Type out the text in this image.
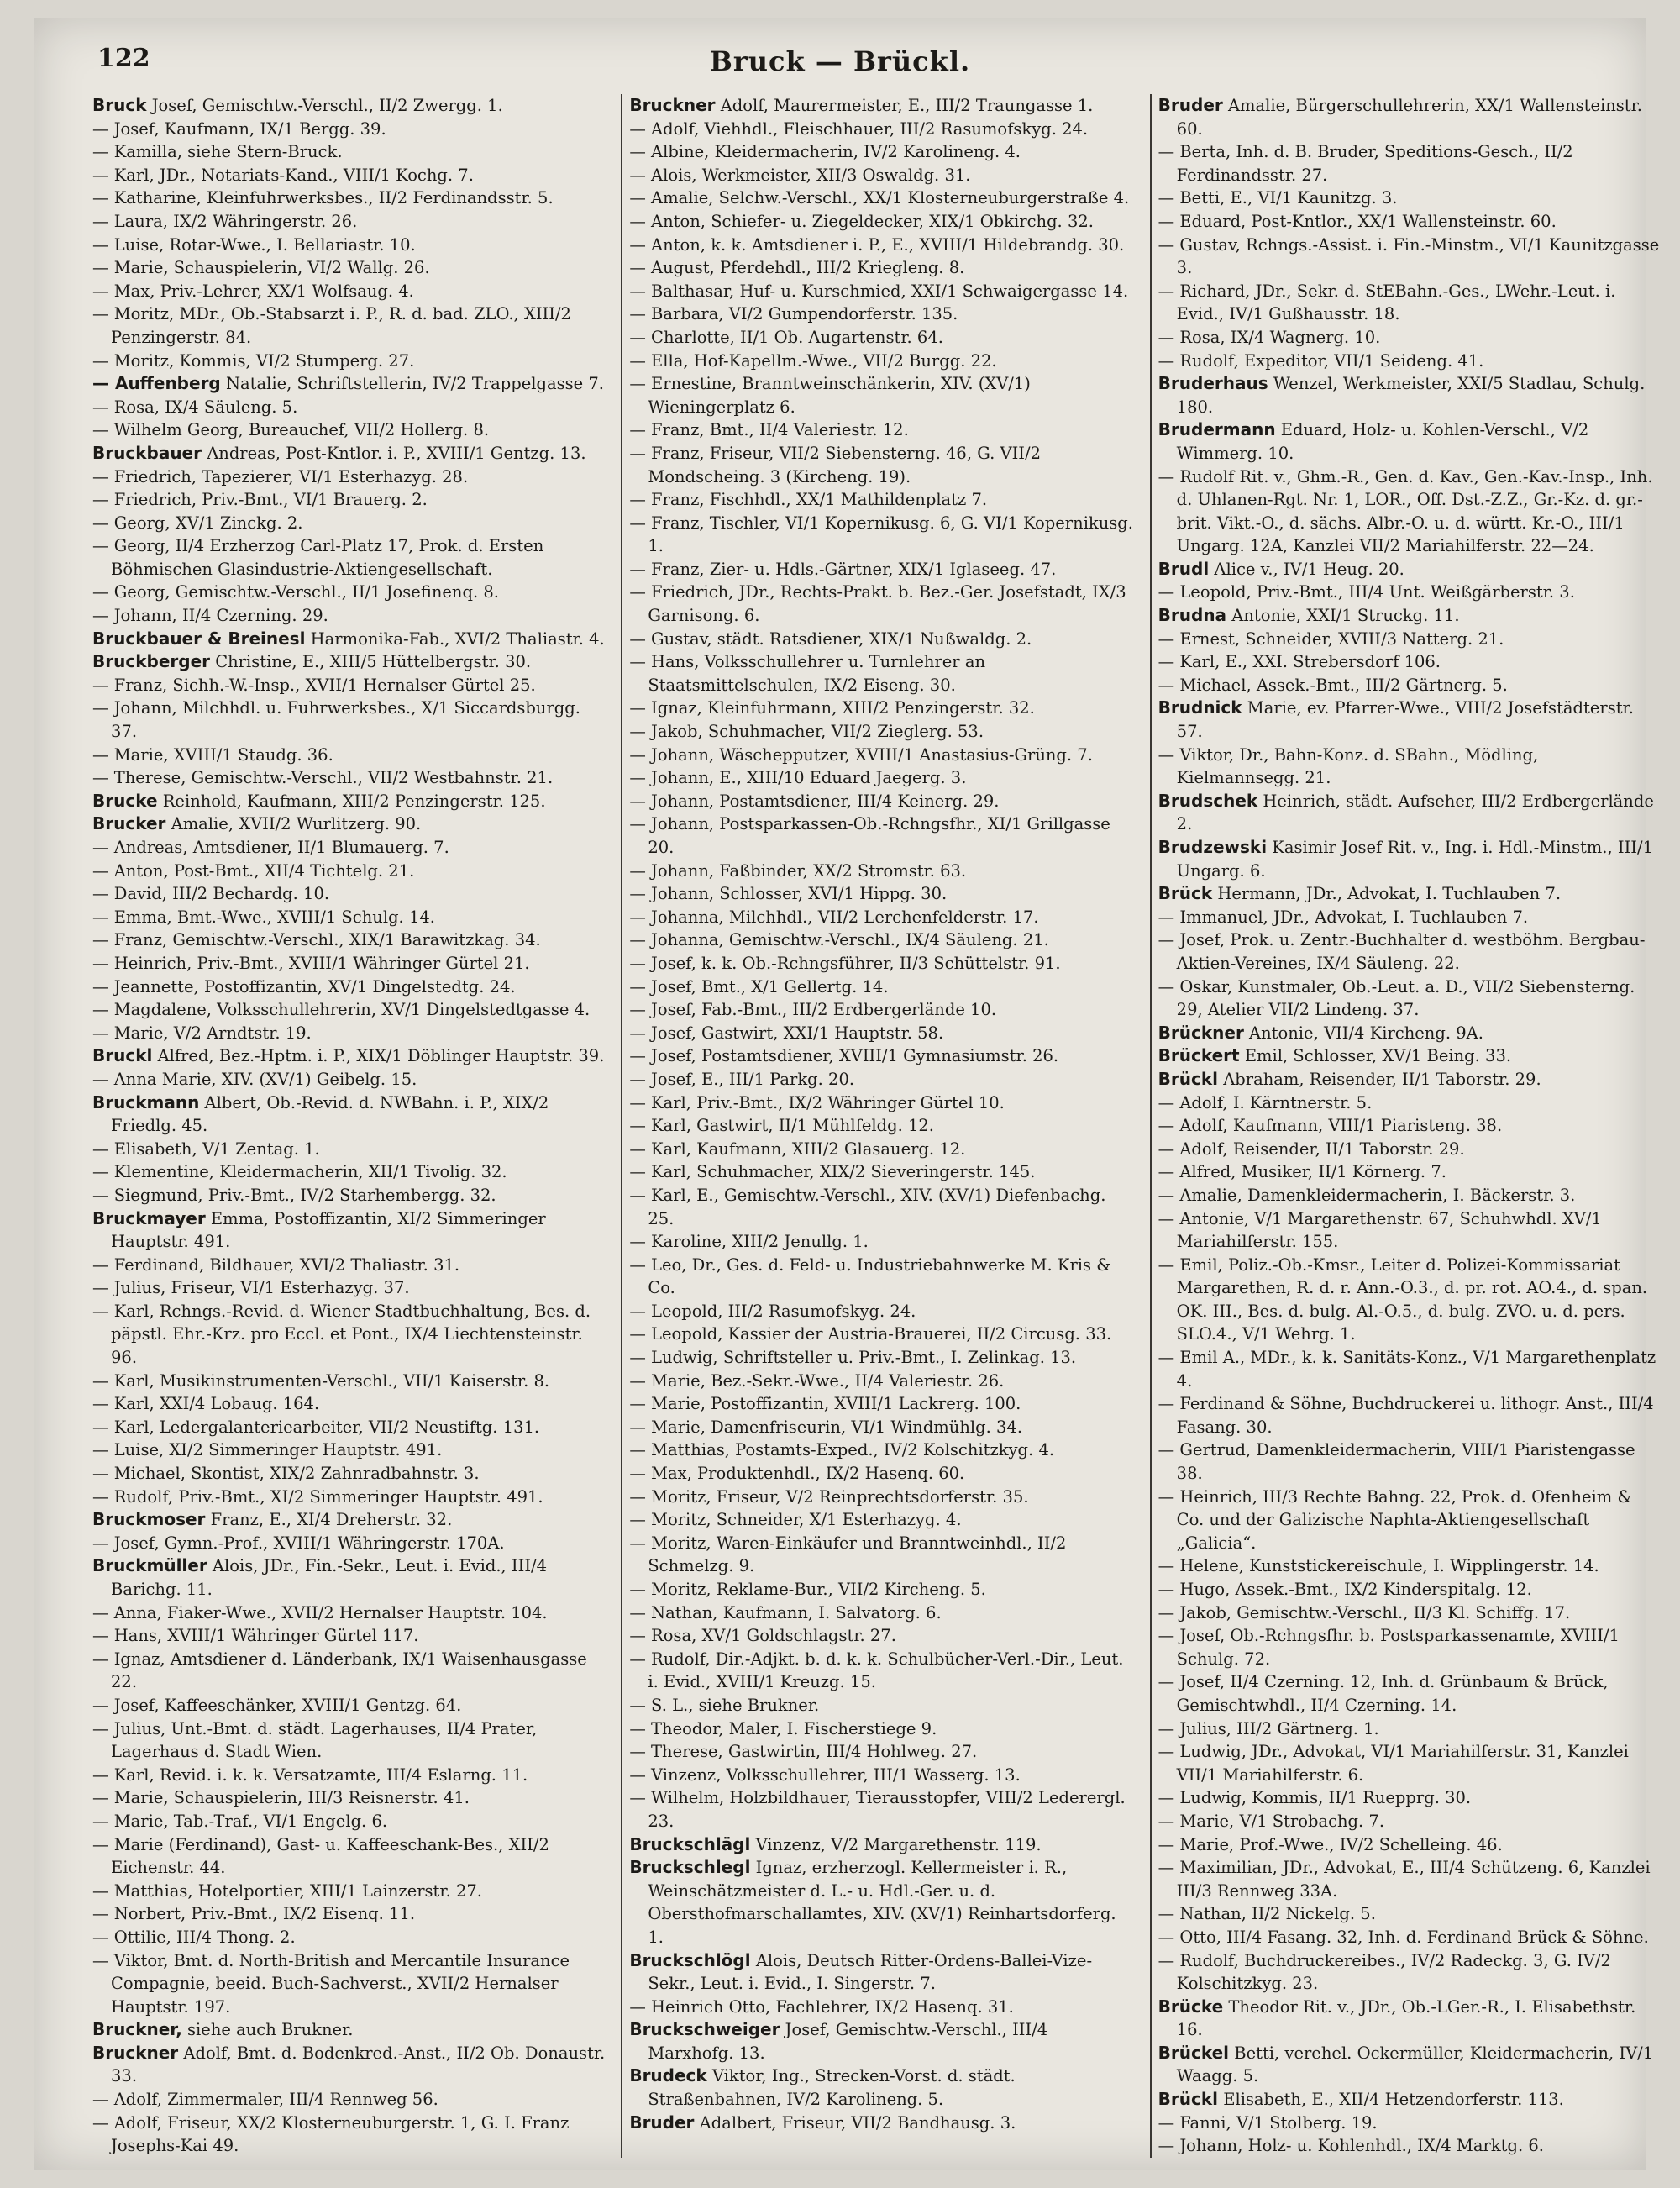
122	Bruck — Brückl.
Bruck Josef, Gemischtw.-Verschl., II/2 Zwergg. 1.
— Josef, Kaufmann, IX/1 Bergg. 39.
— Kamilla, siehe Stern-Bruck.
— Karl, JDr., Notariats-Kand., VIII/1 Kochg. 7.
— Katharine, Kleinfuhrwerksbes., II/2 Ferdinandsstr. 5.
— Laura, IX/2 Währingerstr. 26.
— Luise, Rotar-Wwe., I. Bellariastr. 10.
— Marie, Schauspielerin, VI/2 Wallg. 26.
— Max, Priv.-Lehrer, XX/1 Wolfsaug. 4.
— Moritz, MDr., Ob.-Stabsarzt i. P., R. d. bad. ZLO., XIII/2 Penzingerstr. 84.
— Moritz, Kommis, VI/2 Stumperg. 27.
— Auffenberg Natalie, Schriftstellerin, IV/2 Trappelgasse 7.
— Rosa, IX/4 Säuleng. 5.
— Wilhelm Georg, Bureauchef, VII/2 Hollerg. 8.
Bruckbauer Andreas, Post-Kntlor. i. P., XVIII/1 Gentzg. 13.
— Friedrich, Tapezierer, VI/1 Esterhazyg. 28.
— Friedrich, Priv.-Bmt., VI/1 Brauerg. 2.
— Georg, XV/1 Zinckg. 2.
— Georg, II/4 Erzherzog Carl-Platz 17, Prok. d. Ersten Böhmischen Glasindustrie-Aktiengesellschaft.
— Georg, Gemischtw.-Verschl., II/1 Josefinenq. 8.
— Johann, II/4 Czerning. 29.
Bruckbauer & Breinesl Harmonika-Fab., XVI/2 Thaliastr. 4.
Bruckberger Christine, E., XIII/5 Hüttelbergstr. 30.
— Franz, Sichh.-W.-Insp., XVII/1 Hernalser Gürtel 25.
— Johann, Milchhdl. u. Fuhrwerksbes., X/1 Siccardsburgg. 37.
— Marie, XVIII/1 Staudg. 36.
— Therese, Gemischtw.-Verschl., VII/2 Westbahnstr. 21.
Brucke Reinhold, Kaufmann, XIII/2 Penzingerstr. 125.
Brucker Amalie, XVII/2 Wurlitzerg. 90.
— Andreas, Amtsdiener, II/1 Blumauerg. 7.
— Anton, Post-Bmt., XII/4 Tichtelg. 21.
— David, III/2 Bechardg. 10.
— Emma, Bmt.-Wwe., XVIII/1 Schulg. 14.
— Franz, Gemischtw.-Verschl., XIX/1 Barawitzkag. 34.
— Heinrich, Priv.-Bmt., XVIII/1 Währinger Gürtel 21.
— Jeannette, Postoffizantin, XV/1 Dingelstedtg. 24.
— Magdalene, Volksschullehrerin, XV/1 Dingelstedtgasse 4.
— Marie, V/2 Arndtstr. 19.
Bruckl Alfred, Bez.-Hptm. i. P., XIX/1 Döblinger Hauptstr. 39.
— Anna Marie, XIV. (XV/1) Geibelg. 15.
Bruckmann Albert, Ob.-Revid. d. NWBahn. i. P., XIX/2 Friedlg. 45.
— Elisabeth, V/1 Zentag. 1.
— Klementine, Kleidermacherin, XII/1 Tivolig. 32.
— Siegmund, Priv.-Bmt., IV/2 Starhembergg. 32.
Bruckmayer Emma, Postoffizantin, XI/2 Simmeringer Hauptstr. 491.
— Ferdinand, Bildhauer, XVI/2 Thaliastr. 31.
— Julius, Friseur, VI/1 Esterhazyg. 37.
— Karl, Rchngs.-Revid. d. Wiener Stadtbuchhaltung, Bes. d. päpstl. Ehr.-Krz. pro Eccl. et Pont., IX/4 Liechtensteinstr. 96.
— Karl, Musikinstrumenten-Verschl., VII/1 Kaiserstr. 8.
— Karl, XXI/4 Lobaug. 164.
— Karl, Ledergalanteriearbeiter, VII/2 Neustiftg. 131.
— Luise, XI/2 Simmeringer Hauptstr. 491.
— Michael, Skontist, XIX/2 Zahnradbahnstr. 3.
— Rudolf, Priv.-Bmt., XI/2 Simmeringer Hauptstr. 491.
Bruckmoser Franz, E., XI/4 Dreherstr. 32.
— Josef, Gymn.-Prof., XVIII/1 Währingerstr. 170A.
Bruckmüller Alois, JDr., Fin.-Sekr., Leut. i. Evid., III/4 Barichg. 11.
— Anna, Fiaker-Wwe., XVII/2 Hernalser Hauptstr. 104.
— Hans, XVIII/1 Währinger Gürtel 117.
— Ignaz, Amtsdiener d. Länderbank, IX/1 Waisenhausgasse 22.
— Josef, Kaffeeschänker, XVIII/1 Gentzg. 64.
— Julius, Unt.-Bmt. d. städt. Lagerhauses, II/4 Prater, Lagerhaus d. Stadt Wien.
— Karl, Revid. i. k. k. Versatzamte, III/4 Eslarng. 11.
— Marie, Schauspielerin, III/3 Reisnerstr. 41.
— Marie, Tab.-Traf., VI/1 Engelg. 6.
— Marie (Ferdinand), Gast- u. Kaffeeschank-Bes., XII/2 Eichenstr. 44.
— Matthias, Hotelportier, XIII/1 Lainzerstr. 27.
— Norbert, Priv.-Bmt., IX/2 Eisenq. 11.
— Ottilie, III/4 Thong. 2.
— Viktor, Bmt. d. North-British and Mercantile Insurance Compagnie, beeid. Buch-Sachverst., XVII/2 Hernalser Hauptstr. 197.
Bruckner, siehe auch Brukner.
Bruckner Adolf, Bmt. d. Bodenkred.-Anst., II/2 Ob. Donaustr. 33.
— Adolf, Zimmermaler, III/4 Rennweg 56.
— Adolf, Friseur, XX/2 Klosterneuburgerstr. 1, G. I. Franz Josephs-Kai 49.
Bruckner Adolf, Maurermeister, E., III/2 Traungasse 1.
— Adolf, Viehhdl., Fleischhauer, III/2 Rasumofskyg. 24.
— Albine, Kleidermacherin, IV/2 Karolineng. 4.
— Alois, Werkmeister, XII/3 Oswaldg. 31.
— Amalie, Selchw.-Verschl., XX/1 Klosterneuburgerstraße 4.
— Anton, Schiefer- u. Ziegeldecker, XIX/1 Obkirchg. 32.
— Anton, k. k. Amtsdiener i. P., E., XVIII/1 Hildebrandg. 30.
— August, Pferdehdl., III/2 Kriegleng. 8.
— Balthasar, Huf- u. Kurschmied, XXI/1 Schwaigergasse 14.
— Barbara, VI/2 Gumpendorferstr. 135.
— Charlotte, II/1 Ob. Augartenstr. 64.
— Ella, Hof-Kapellm.-Wwe., VII/2 Burgg. 22.
— Ernestine, Branntweinschänkerin, XIV. (XV/1) Wieningerplatz 6.
— Franz, Bmt., II/4 Valeriestr. 12.
— Franz, Friseur, VII/2 Siebensterng. 46, G. VII/2 Mondscheing. 3 (Kircheng. 19).
— Franz, Fischhdl., XX/1 Mathildenplatz 7.
— Franz, Tischler, VI/1 Kopernikusg. 6, G. VI/1 Kopernikusg. 1.
— Franz, Zier- u. Hdls.-Gärtner, XIX/1 Iglaseeg. 47.
— Friedrich, JDr., Rechts-Prakt. b. Bez.-Ger. Josefstadt, IX/3 Garnisong. 6.
— Gustav, städt. Ratsdiener, XIX/1 Nußwaldg. 2.
— Hans, Volksschullehrer u. Turnlehrer an Staatsmittelschulen, IX/2 Eiseng. 30.
— Ignaz, Kleinfuhrmann, XIII/2 Penzingerstr. 32.
— Jakob, Schuhmacher, VII/2 Zieglerg. 53.
— Johann, Wäschepputzer, XVIII/1 Anastasius-Grüng. 7.
— Johann, E., XIII/10 Eduard Jaegerg. 3.
— Johann, Postamtsdiener, III/4 Keinerg. 29.
— Johann, Postsparkassen-Ob.-Rchngsfhr., XI/1 Grillgasse 20.
— Johann, Faßbinder, XX/2 Stromstr. 63.
— Johann, Schlosser, XVI/1 Hippg. 30.
— Johanna, Milchhdl., VII/2 Lerchenfelderstr. 17.
— Johanna, Gemischtw.-Verschl., IX/4 Säuleng. 21.
— Josef, k. k. Ob.-Rchngsführer, II/3 Schüttelstr. 91.
— Josef, Bmt., X/1 Gellertg. 14.
— Josef, Fab.-Bmt., III/2 Erdbergerlände 10.
— Josef, Gastwirt, XXI/1 Hauptstr. 58.
— Josef, Postamtsdiener, XVIII/1 Gymnasiumstr. 26.
— Josef, E., III/1 Parkg. 20.
— Karl, Priv.-Bmt., IX/2 Währinger Gürtel 10.
— Karl, Gastwirt, II/1 Mühlfeldg. 12.
— Karl, Kaufmann, XIII/2 Glasauerg. 12.
— Karl, Schuhmacher, XIX/2 Sieveringerstr. 145.
— Karl, E., Gemischtw.-Verschl., XIV. (XV/1) Diefenbachg. 25.
— Karoline, XIII/2 Jenullg. 1.
— Leo, Dr., Ges. d. Feld- u. Industriebahnwerke M. Kris & Co.
— Leopold, III/2 Rasumofskyg. 24.
— Leopold, Kassier der Austria-Brauerei, II/2 Circusg. 33.
— Ludwig, Schriftsteller u. Priv.-Bmt., I. Zelinkag. 13.
— Marie, Bez.-Sekr.-Wwe., II/4 Valeriestr. 26.
— Marie, Postoffizantin, XVIII/1 Lackrerg. 100.
— Marie, Damenfriseurin, VI/1 Windmühlg. 34.
— Matthias, Postamts-Exped., IV/2 Kolschitzkyg. 4.
— Max, Produktenhdl., IX/2 Hasenq. 60.
— Moritz, Friseur, V/2 Reinprechtsdorferstr. 35.
— Moritz, Schneider, X/1 Esterhazyg. 4.
— Moritz, Waren-Einkäufer und Branntweinhdl., II/2 Schmelzg. 9.
— Moritz, Reklame-Bur., VII/2 Kircheng. 5.
— Nathan, Kaufmann, I. Salvatorg. 6.
— Rosa, XV/1 Goldschlagstr. 27.
— Rudolf, Dir.-Adjkt. b. d. k. k. Schulbücher-Verl.-Dir., Leut. i. Evid., XVIII/1 Kreuzg. 15.
— S. L., siehe Brukner.
— Theodor, Maler, I. Fischerstiege 9.
— Therese, Gastwirtin, III/4 Hohlweg. 27.
— Vinzenz, Volksschullehrer, III/1 Wasserg. 13.
— Wilhelm, Holzbildhauer, Tierausstopfer, VIII/2 Lederergl. 23.
Bruckschlägl Vinzenz, V/2 Margarethenstr. 119.
Bruckschlegl Ignaz, erzherzogl. Kellermeister i. R., Weinschätzmeister d. L.- u. Hdl.-Ger. u. d. Obersthofmarschallamtes, XIV. (XV/1) Reinhartsdorferg. 1.
Bruckschlögl Alois, Deutsch Ritter-Ordens-Ballei-Vize-Sekr., Leut. i. Evid., I. Singerstr. 7.
— Heinrich Otto, Fachlehrer, IX/2 Hasenq. 31.
Bruckschweiger Josef, Gemischtw.-Verschl., III/4 Marxhofg. 13.
Brudeck Viktor, Ing., Strecken-Vorst. d. städt. Straßenbahnen, IV/2 Karolineng. 5.
Bruder Adalbert, Friseur, VII/2 Bandhausg. 3.
Bruder Amalie, Bürgerschullehrerin, XX/1 Wallensteinstr. 60.
— Berta, Inh. d. B. Bruder, Speditions-Gesch., II/2 Ferdinandsstr. 27.
— Betti, E., VI/1 Kaunitzg. 3.
— Eduard, Post-Kntlor., XX/1 Wallensteinstr. 60.
— Gustav, Rchngs.-Assist. i. Fin.-Minstm., VI/1 Kaunitzgasse 3.
— Richard, JDr., Sekr. d. StEBahn.-Ges., LWehr.-Leut. i. Evid., IV/1 Gußhausstr. 18.
— Rosa, IX/4 Wagnerg. 10.
— Rudolf, Expeditor, VII/1 Seideng. 41.
Bruderhaus Wenzel, Werkmeister, XXI/5 Stadlau, Schulg. 180.
Brudermann Eduard, Holz- u. Kohlen-Verschl., V/2 Wimmerg. 10.
— Rudolf Rit. v., Ghm.-R., Gen. d. Kav., Gen.-Kav.-Insp., Inh. d. Uhlanen-Rgt. Nr. 1, LOR., Off. Dst.-Z.Z., Gr.-Kz. d. gr.-brit. Vikt.-O., d. sächs. Albr.-O. u. d. württ. Kr.-O., III/1 Ungarg. 12A, Kanzlei VII/2 Mariahilferstr. 22—24.
Brudl Alice v., IV/1 Heug. 20.
— Leopold, Priv.-Bmt., III/4 Unt. Weißgärberstr. 3.
Brudna Antonie, XXI/1 Struckg. 11.
— Ernest, Schneider, XVIII/3 Natterg. 21.
— Karl, E., XXI. Strebersdorf 106.
— Michael, Assek.-Bmt., III/2 Gärtnerg. 5.
Brudnick Marie, ev. Pfarrer-Wwe., VIII/2 Josefstädterstr. 57.
— Viktor, Dr., Bahn-Konz. d. SBahn., Mödling, Kielmannsegg. 21.
Brudschek Heinrich, städt. Aufseher, III/2 Erdbergerlände 2.
Brudzewski Kasimir Josef Rit. v., Ing. i. Hdl.-Minstm., III/1 Ungarg. 6.
Brück Hermann, JDr., Advokat, I. Tuchlauben 7.
— Immanuel, JDr., Advokat, I. Tuchlauben 7.
— Josef, Prok. u. Zentr.-Buchhalter d. westböhm. Bergbau-Aktien-Vereines, IX/4 Säuleng. 22.
— Oskar, Kunstmaler, Ob.-Leut. a. D., VII/2 Siebensterng. 29, Atelier VII/2 Lindeng. 37.
Brückner Antonie, VII/4 Kircheng. 9A.
Brückert Emil, Schlosser, XV/1 Being. 33.
Brückl Abraham, Reisender, II/1 Taborstr. 29.
— Adolf, I. Kärntnerstr. 5.
— Adolf, Kaufmann, VIII/1 Piaristeng. 38.
— Adolf, Reisender, II/1 Taborstr. 29.
— Alfred, Musiker, II/1 Körnerg. 7.
— Amalie, Damenkleidermacherin, I. Bäckerstr. 3.
— Antonie, V/1 Margarethenstr. 67, Schuhwhdl. XV/1 Mariahilferstr. 155.
— Emil, Poliz.-Ob.-Kmsr., Leiter d. Polizei-Kommissariat Margarethen, R. d. r. Ann.-O.3., d. pr. rot. AO.4., d. span. OK. III., Bes. d. bulg. Al.-O.5., d. bulg. ZVO. u. d. pers. SLO.4., V/1 Wehrg. 1.
— Emil A., MDr., k. k. Sanitäts-Konz., V/1 Margarethenplatz 4.
— Ferdinand & Söhne, Buchdruckerei u. lithogr. Anst., III/4 Fasang. 30.
— Gertrud, Damenkleidermacherin, VIII/1 Piaristengasse 38.
— Heinrich, III/3 Rechte Bahng. 22, Prok. d. Ofenheim & Co. und der Galizische Naphta-Aktiengesellschaft „Galicia“.
— Helene, Kunststickereischule, I. Wipplingerstr. 14.
— Hugo, Assek.-Bmt., IX/2 Kinderspitalg. 12.
— Jakob, Gemischtw.-Verschl., II/3 Kl. Schiffg. 17.
— Josef, Ob.-Rchngsfhr. b. Postsparkassenamte, XVIII/1 Schulg. 72.
— Josef, II/4 Czerning. 12, Inh. d. Grünbaum & Brück, Gemischtwhdl., II/4 Czerning. 14.
— Julius, III/2 Gärtnerg. 1.
— Ludwig, JDr., Advokat, VI/1 Mariahilferstr. 31, Kanzlei VII/1 Mariahilferstr. 6.
— Ludwig, Kommis, II/1 Ruepprg. 30.
— Marie, V/1 Strobachg. 7.
— Marie, Prof.-Wwe., IV/2 Schelleing. 46.
— Maximilian, JDr., Advokat, E., III/4 Schützeng. 6, Kanzlei III/3 Rennweg 33A.
— Nathan, II/2 Nickelg. 5.
— Otto, III/4 Fasang. 32, Inh. d. Ferdinand Brück & Söhne.
— Rudolf, Buchdruckereibes., IV/2 Radeckg. 3, G. IV/2 Kolschitzkyg. 23.
Brücke Theodor Rit. v., JDr., Ob.-LGer.-R., I. Elisabethstr. 16.
Brückel Betti, verehel. Ockermüller, Kleidermacherin, IV/1 Waagg. 5.
Brückl Elisabeth, E., XII/4 Hetzendorferstr. 113.
— Fanni, V/1 Stolberg. 19.
— Johann, Holz- u. Kohlenhdl., IX/4 Marktg. 6.
